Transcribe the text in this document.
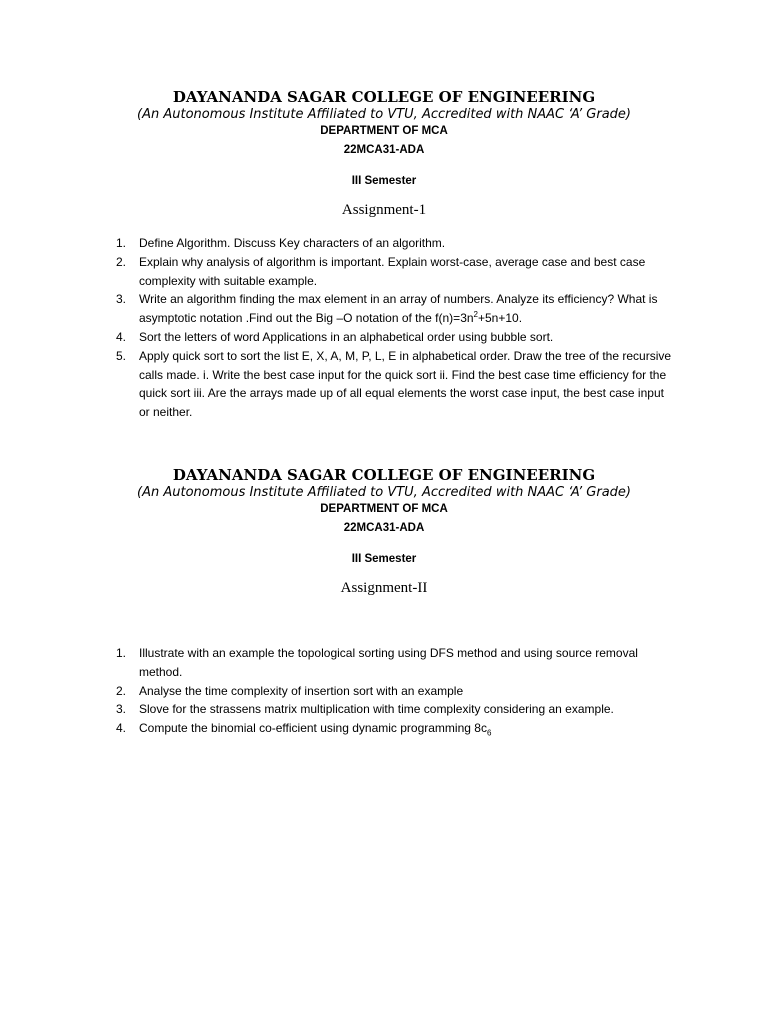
DAYANANDA SAGAR COLLEGE OF ENGINEERING

(An Autonomous Institute Affiliated to VTU, Accredited with NAAC ‘A’ Grade)

DEPARTMENT OF MCA

22MCA31-ADA

III Semester

Assignment-1

1. Define Algorithm. Discuss Key characters of an algorithm.
2. Explain why analysis of algorithm is important. Explain worst-case, average case and best case complexity with suitable example.
3. Write an algorithm finding the max element in an array of numbers. Analyze its efficiency? What is asymptotic notation .Find out the Big –O notation of the $f(n)=3n^2+5n+10$.
4. Sort the letters of word Applications in an alphabetical order using bubble sort.
5. Apply quick sort to sort the list E, X, A, M, P, L, E in alphabetical order. Draw the tree of the recursive calls made. i. Write the best case input for the quick sort ii. Find the best case time efficiency for the quick sort iii. Are the arrays made up of all equal elements the worst case input, the best case input or neither.

DAYANANDA SAGAR COLLEGE OF ENGINEERING

(An Autonomous Institute Affiliated to VTU, Accredited with NAAC ‘A’ Grade)

DEPARTMENT OF MCA

22MCA31-ADA

III Semester

Assignment-II

1. Illustrate with an example the topological sorting using DFS method and using source removal method.
2. Analyse the time complexity of insertion sort with an example
3. Slove for the strassens matrix multiplication with time complexity considering an example.
4. Compute the binomial co-efficient using dynamic programming $8c_6$
